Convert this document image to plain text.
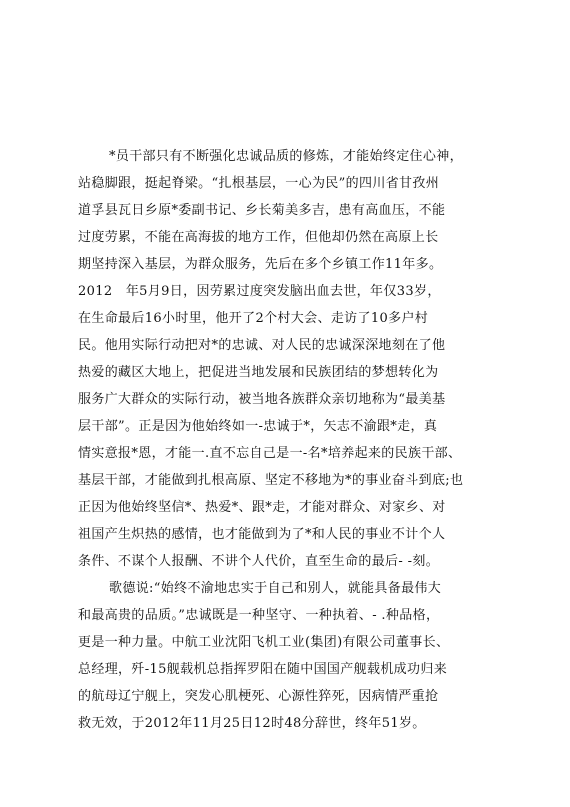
*员干部只有不断强化忠诚品质的修炼，才能始终定住心神，
站稳脚跟，挺起脊梁。“扎根基层，一心为民”的四川省甘孜州
道孚县瓦日乡原*委副书记、乡长菊美多吉，患有高血压，不能
过度劳累，不能在高海拔的地方工作，但他却仍然在高原上长
期坚持深入基层，为群众服务，先后在多个乡镇工作11年多。
2012　年5月9日，因劳累过度突发脑出血去世，年仅33岁，
在生命最后16小时里，他开了2个村大会、走访了10多户村
民。他用实际行动把对*的忠诚、对人民的忠诚深深地刻在了他
热爱的藏区大地上，把促进当地发展和民族团结的梦想转化为
服务广大群众的实际行动，被当地各族群众亲切地称为“最美基
层干部”。正是因为他始终如一-忠诚于*，矢志不渝跟*走，真
情实意报*恩，才能一.直不忘自己是一-名*培养起来的民族干部、
基层干部，才能做到扎根高原、坚定不移地为*的事业奋斗到底;也
正因为他始终坚信*、热爱*、跟*走，才能对群众、对家乡、对
祖国产生炽热的感情，也才能做到为了*和人民的事业不计个人
条件、不谋个人报酬、不讲个人代价，直至生命的最后- -刻。
歌德说:“始终不渝地忠实于自己和别人，就能具备最伟大
和最高贵的品质。”忠诚既是一种坚守、一种执着、- .种品格，
更是一种力量。中航工业沈阳飞机工业(集团)有限公司董事长、
总经理，歼-15舰载机总指挥罗阳在随中国国产舰载机成功归来
的航母辽宁舰上，突发心肌梗死、心源性猝死，因病情严重抢
救无效，于2012年11月25日12时48分辞世，终年51岁。
